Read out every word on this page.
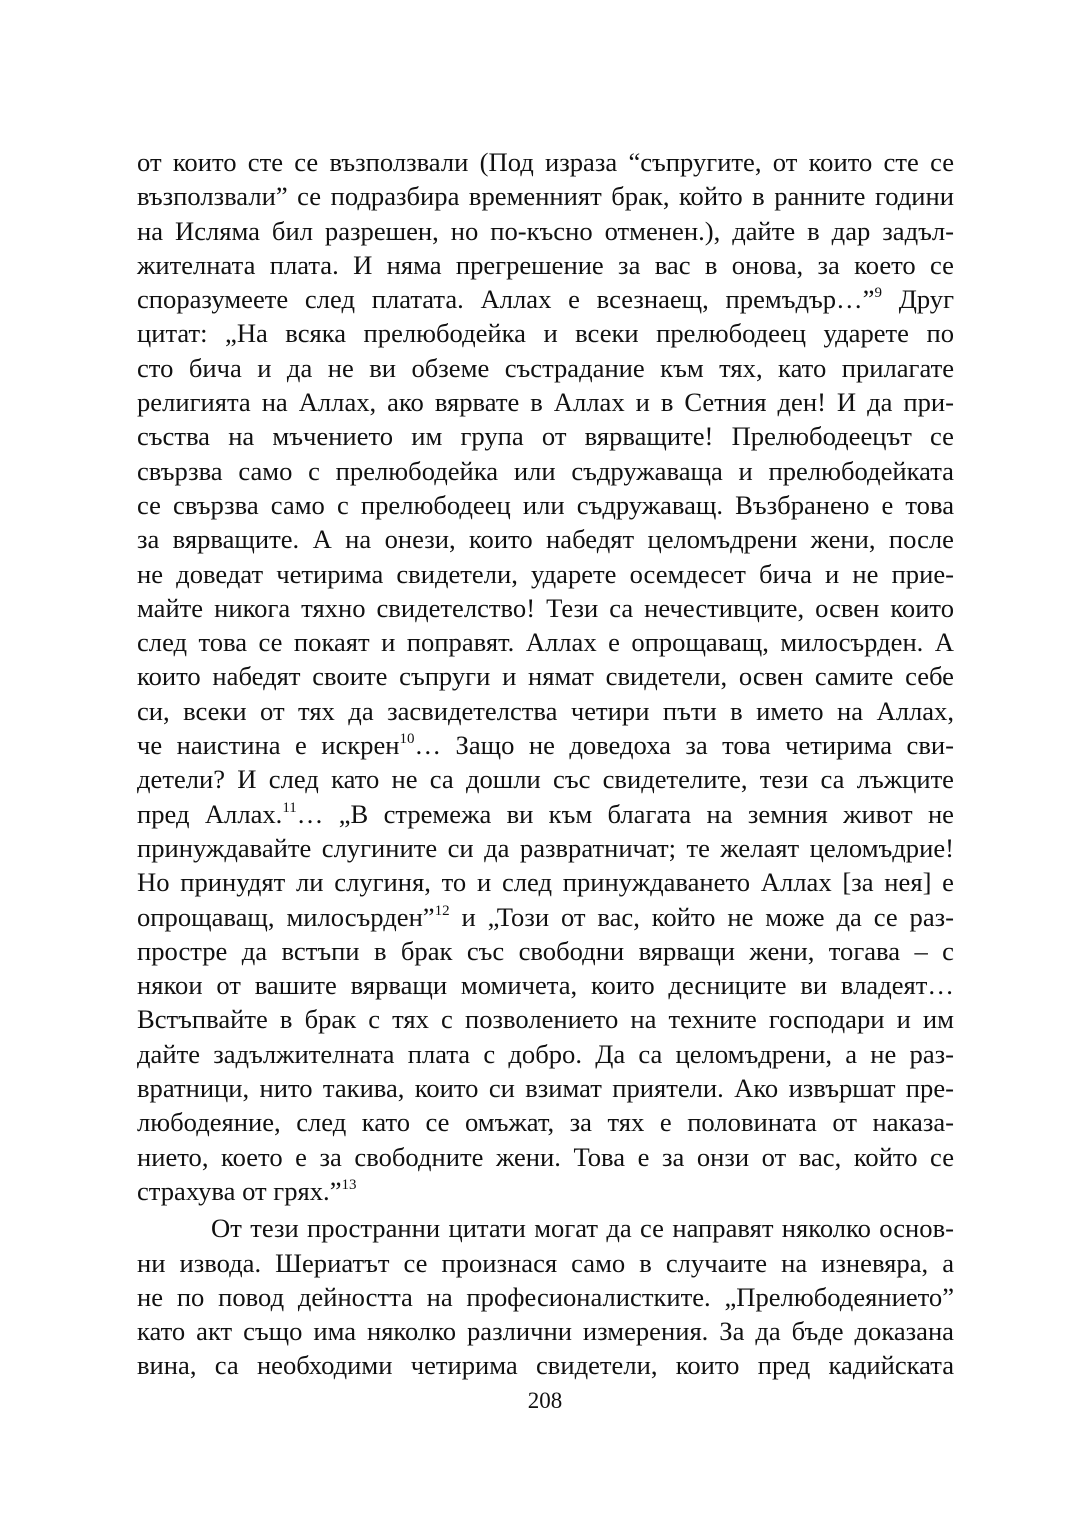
от които сте се възползвали (Под израза “съпругите, от които сте се
възползвали” се подразбира временният брак, който в ранните години
на Исляма бил разрешен, но по-късно отменен.), дайте в дар задъл-
жителната плата. И няма прегрешение за вас в онова, за което се
споразумеете след платата. Аллах е всезнаещ, премъдър…”$^9$ Друг
цитат: „На всяка прелюбодейка и всеки прелюбодеец ударете по
сто бича и да не ви обземе състрадание към тях, като прилагате
религията на Аллах, ако вярвате в Аллах и в Сетния ден! И да при-
съства на мъчението им група от вярващите! Прелюбодеецът се
свързва само с прелюбодейка или съдружаваща и прелюбодейката
се свързва само с прелюбодеец или съдружаващ. Възбранено е това
за вярващите. А на онези, които набедят целомъдрени жени, после
не доведат четирима свидетели, ударете осемдесет бича и не прие-
майте никога тяхно свидетелство! Тези са нечестивците, освен които
след това се покаят и поправят. Аллах е опрощаващ, милосърден. А
които набедят своите съпруги и нямат свидетели, освен самите себе
си, всеки от тях да засвидетелства четири пъти в името на Аллах,
че наистина е искрен$^{10}$… Защо не доведоха за това четирима сви-
детели? И след като не са дошли със свидетелите, тези са лъжците
пред Аллах.$^{11}$… „В стремежа ви към благата на земния живот не
принуждавайте слугините си да развратничат; те желаят целомъдрие!
Но принудят ли слугиня, то и след принуждаването Аллах [за нея] е
опрощаващ, милосърден”$^{12}$ и „Този от вас, който не може да се раз-
простре да встъпи в брак със свободни вярващи жени, тогава – с
някои от вашите вярващи момичета, които десниците ви владеят…
Встъпвайте в брак с тях с позволението на техните господари и им
дайте задължителната плата с добро. Да са целомъдрени, а не раз-
вратници, нито такива, които си взимат приятели. Ако извършат пре-
любодеяние, след като се омъжат, за тях е половината от наказа-
нието, което е за свободните жени. Това е за онзи от вас, който се
страхува от грях.”$^{13}$
От тези пространни цитати могат да се направят няколко основ-
ни извода. Шериатът се произнася само в случаите на изневяра, а
не по повод дейността на професионалистките. „Прелюбодеянието”
като акт също има няколко различни измерения. За да бъде доказана
вина, са необходими четирима свидетели, които пред кадийската
208
